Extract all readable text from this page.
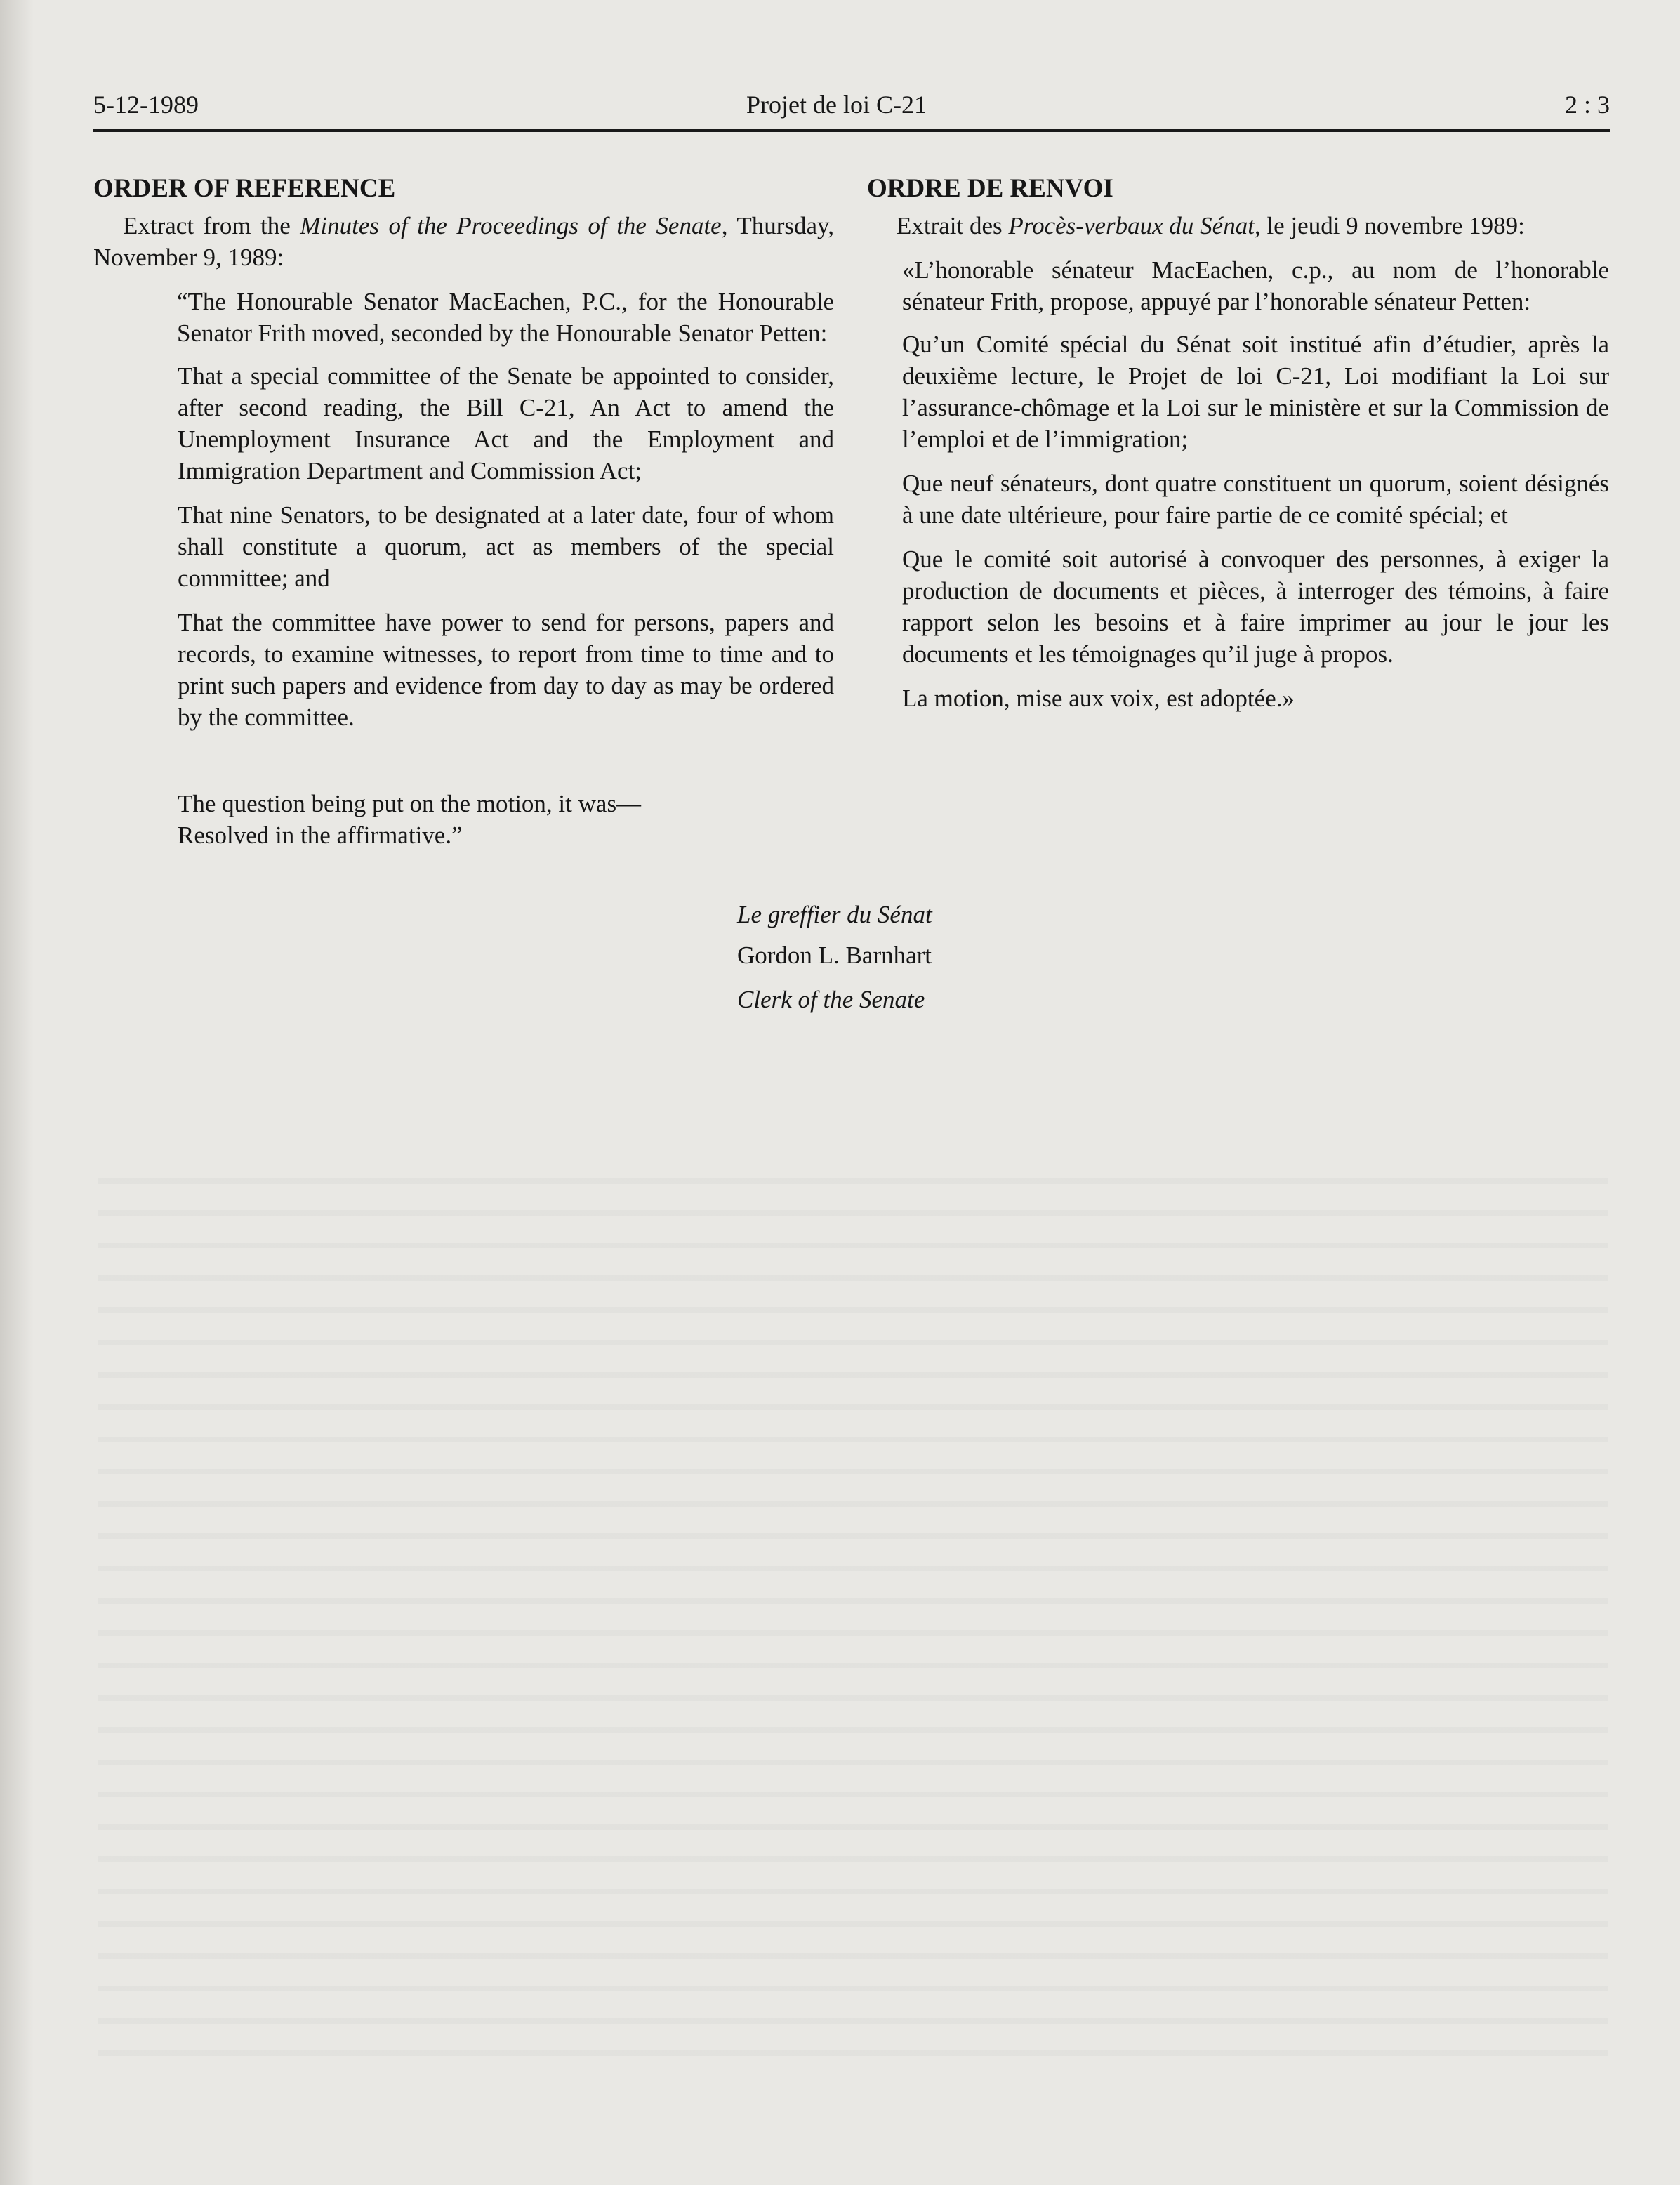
5-12-1989	Projet de loi C-21	2 : 3
ORDER OF REFERENCE

Extract from the Minutes of the Proceedings of the Senate, Thursday, November 9, 1989:

“The Honourable Senator MacEachen, P.C., for the Honourable Senator Frith moved, seconded by the Honourable Senator Petten:

That a special committee of the Senate be appointed to consider, after second reading, the Bill C-21, An Act to amend the Unemployment Insurance Act and the Employment and Immigration Department and Commission Act;

That nine Senators, to be designated at a later date, four of whom shall constitute a quorum, act as members of the special committee; and

That the committee have power to send for persons, papers and records, to examine witnesses, to report from time to time and to print such papers and evidence from day to day as may be ordered by the committee.

The question being put on the motion, it was—

Resolved in the affirmative.”

ORDRE DE RENVOI

Extrait des Procès-verbaux du Sénat, le jeudi 9 novembre 1989:

«L’honorable sénateur MacEachen, c.p., au nom de l’honorable sénateur Frith, propose, appuyé par l’honorable sénateur Petten:

Qu’un Comité spécial du Sénat soit institué afin d’étudier, après la deuxième lecture, le Projet de loi C-21, Loi modifiant la Loi sur l’assurance-chômage et la Loi sur le ministère et sur la Commission de l’emploi et de l’immigration;

Que neuf sénateurs, dont quatre constituent un quorum, soient désignés à une date ultérieure, pour faire partie de ce comité spécial; et

Que le comité soit autorisé à convoquer des personnes, à exiger la production de documents et pièces, à interroger des témoins, à faire rapport selon les besoins et à faire imprimer au jour le jour les documents et les témoignages qu’il juge à propos.

La motion, mise aux voix, est adoptée.»

Le greffier du Sénat
Gordon L. Barnhart
Clerk of the Senate
